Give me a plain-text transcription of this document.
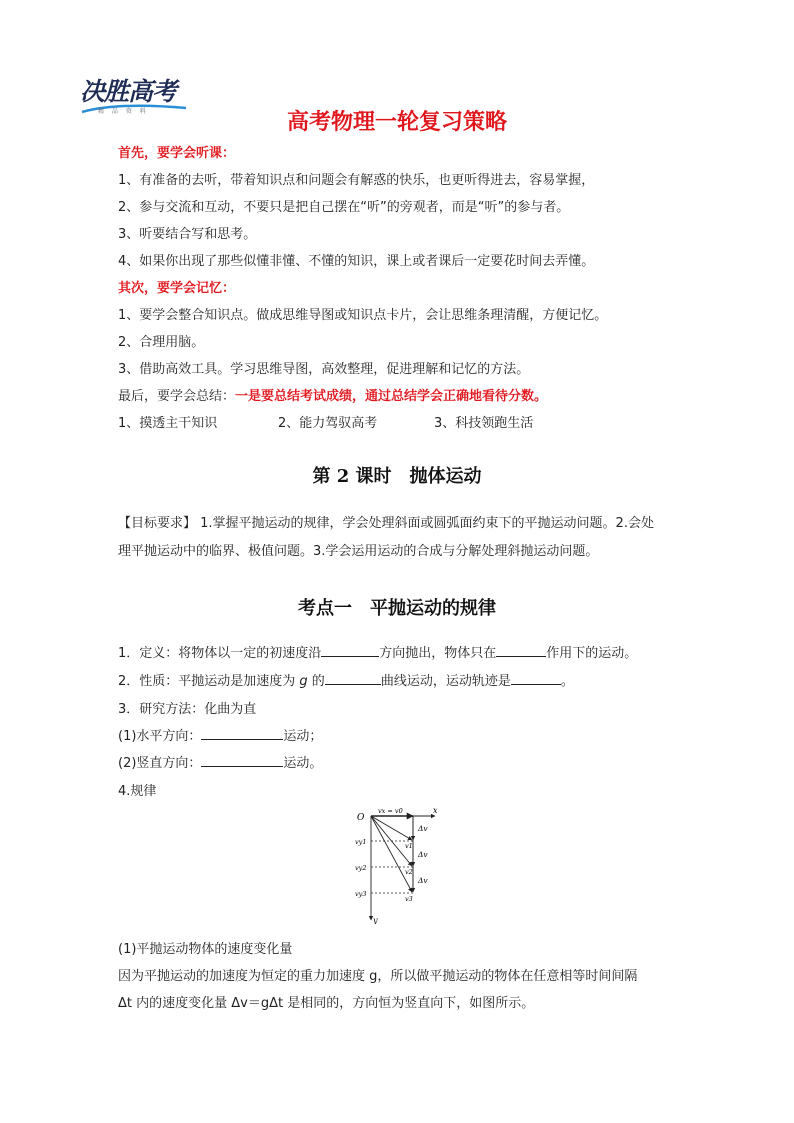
决胜高考
精 品 资 料	高考物理一轮复习策略
首先，要学会听课：
1、有准备的去听，带着知识点和问题会有解惑的快乐，也更听得进去，容易掌握，
2、参与交流和互动，不要只是把自己摆在“听”的旁观者，而是“听”的参与者。
3、听要结合写和思考。
4、如果你出现了那些似懂非懂、不懂的知识，课上或者课后一定要花时间去弄懂。
其次，要学会记忆：
1、要学会整合知识点。做成思维导图或知识点卡片，会让思维条理清醒，方便记忆。
2、合理用脑。
3、借助高效工具。学习思维导图，高效整理，促进理解和记忆的方法。
最后，要学会总结：一是要总结考试成绩，通过总结学会正确地看待分数。
1、摸透主干知识	2、能力驾驭高考	3、科技领跑生活
第 2 课时　抛体运动
【目标要求】 1.掌握平抛运动的规律，学会处理斜面或圆弧面约束下的平抛运动问题。2.会处
理平抛运动中的临界、极值问题。3.学会运用运动的合成与分解处理斜抛运动问题。
考点一　平抛运动的规律
1．定义：将物体以一定的初速度沿	方向抛出，物体只在	作用下的运动。
2．性质：平抛运动是加速度为 g 的	曲线运动，运动轨迹是	。
3．研究方法：化曲为直
(1)水平方向：	运动；
(2)竖直方向：	运动。
4.规律
O
x
y
vx = v0
vy1
vy2
vy3
Δv
Δv
Δv
v1
v2
v3
(1)平抛运动物体的速度变化量
因为平抛运动的加速度为恒定的重力加速度 g，所以做平抛运动的物体在任意相等时间间隔
Δt 内的速度变化量 Δv＝gΔt 是相同的，方向恒为竖直向下，如图所示。
